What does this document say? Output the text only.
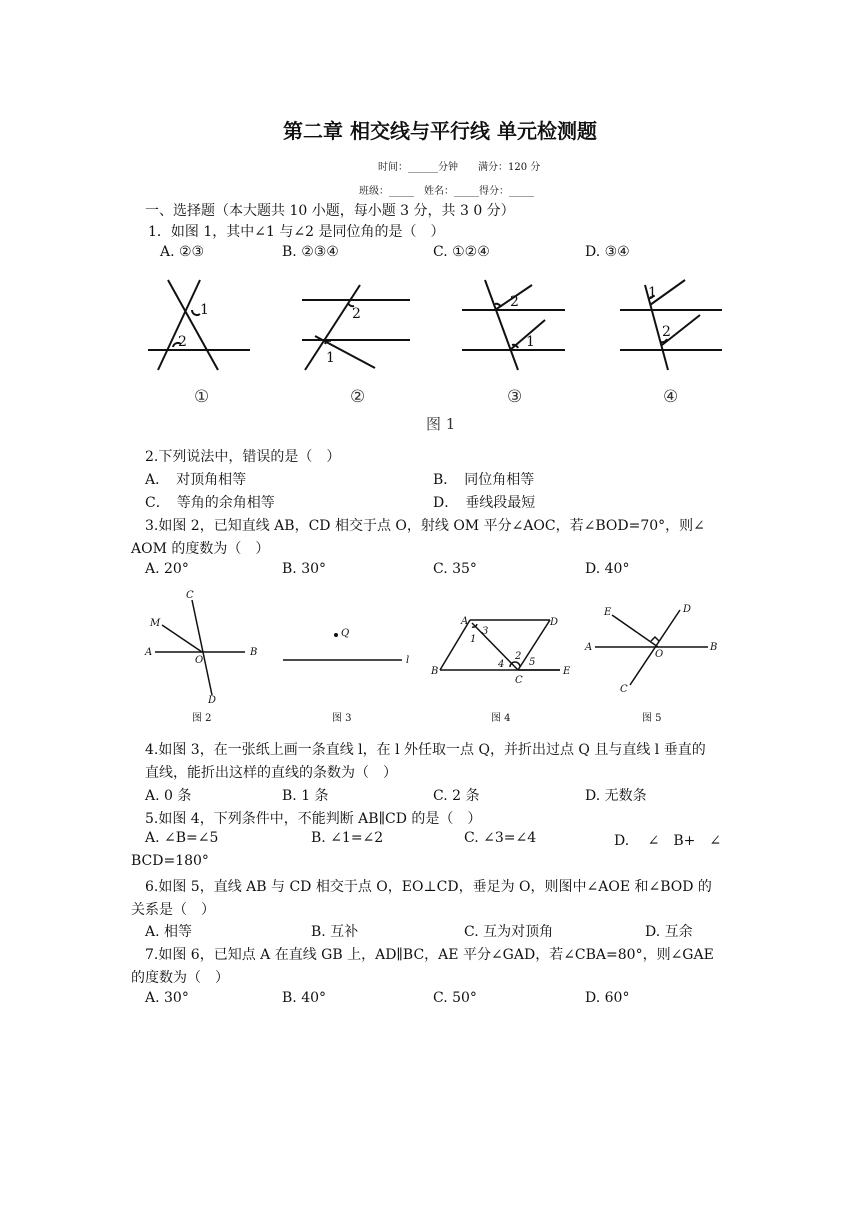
第二章 相交线与平行线 单元检测题
时间：______分钟　　满分：120 分
班级：_____　姓名：_____得分：_____
一、选择题（本大题共 10 小题，每小题 3 分，共 3 0 分）
1．如图 1，其中∠1 与∠2 是同位角的是（　）
A. ②③	B. ②③④	C. ①②④	D. ③④
1
2
2
1
2
1
1
2
①	②	③	④
图 1
2.下列说法中，错误的是（　）
A．　对顶角相等	B．　同位角相等
C．　等角的余角相等	D．　垂线段最短
3.如图 2，已知直线 AB，CD 相交于点 O，射线 OM 平分∠AOC，若∠BOD=70°，则∠
AOM 的度数为（　）
A. 20°	B. 30°	C. 35°	D. 40°
C
M
A
O
B
D
Q
l
A
3
1
D
B
4
2
5
C
E
E	D
A
O
B
C
图 2	图 3	图 4	图 5
4.如图 3，在一张纸上画一条直线 l，在 l 外任取一点 Q，并折出过点 Q 且与直线 l 垂直的
直线，能折出这样的直线的条数为（　）
A. 0 条	B. 1 条	C. 2 条	D. 无数条
5.如图 4，下列条件中，不能判断 AB∥CD 的是（　）
A. ∠B=∠5	B. ∠1=∠2	C. ∠3=∠4	D.　 ∠　B+　∠
BCD=180°
6.如图 5，直线 AB 与 CD 相交于点 O，EO⊥CD，垂足为 O，则图中∠AOE 和∠BOD 的
关系是（　）
A. 相等	B. 互补	C. 互为对顶角	D. 互余
7.如图 6，已知点 A 在直线 GB 上，AD∥BC，AE 平分∠GAD，若∠CBA=80°，则∠GAE
的度数为（　）
A. 30°	B. 40°	C. 50°	D. 60°
